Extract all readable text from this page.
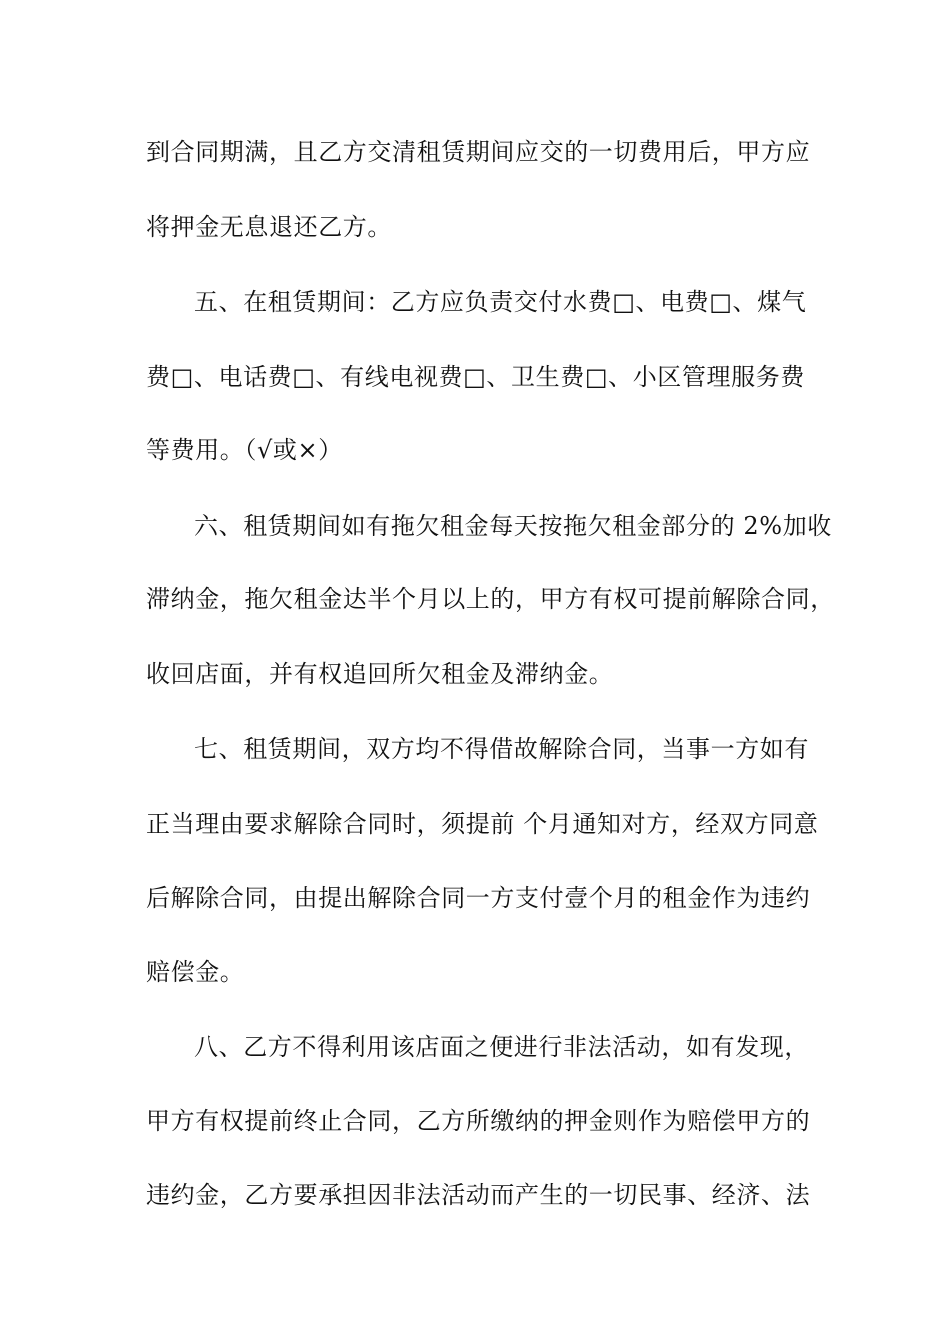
到合同期满，且乙方交清租赁期间应交的一切费用后，甲方应
将押金无息退还乙方。
五、在租赁期间：乙方应负责交付水费□、电费□、煤气
费□、电话费□、有线电视费□、卫生费□、小区管理服务费
等费用。（√或×）
六、租赁期间如有拖欠租金每天按拖欠租金部分的 2%加收
滞纳金，拖欠租金达半个月以上的，甲方有权可提前解除合同，
收回店面，并有权追回所欠租金及滞纳金。
七、租赁期间，双方均不得借故解除合同，当事一方如有
正当理由要求解除合同时，须提前 个月通知对方，经双方同意
后解除合同，由提出解除合同一方支付壹个月的租金作为违约
赔偿金。
八、乙方不得利用该店面之便进行非法活动，如有发现，
甲方有权提前终止合同，乙方所缴纳的押金则作为赔偿甲方的
违约金，乙方要承担因非法活动而产生的一切民事、经济、法
